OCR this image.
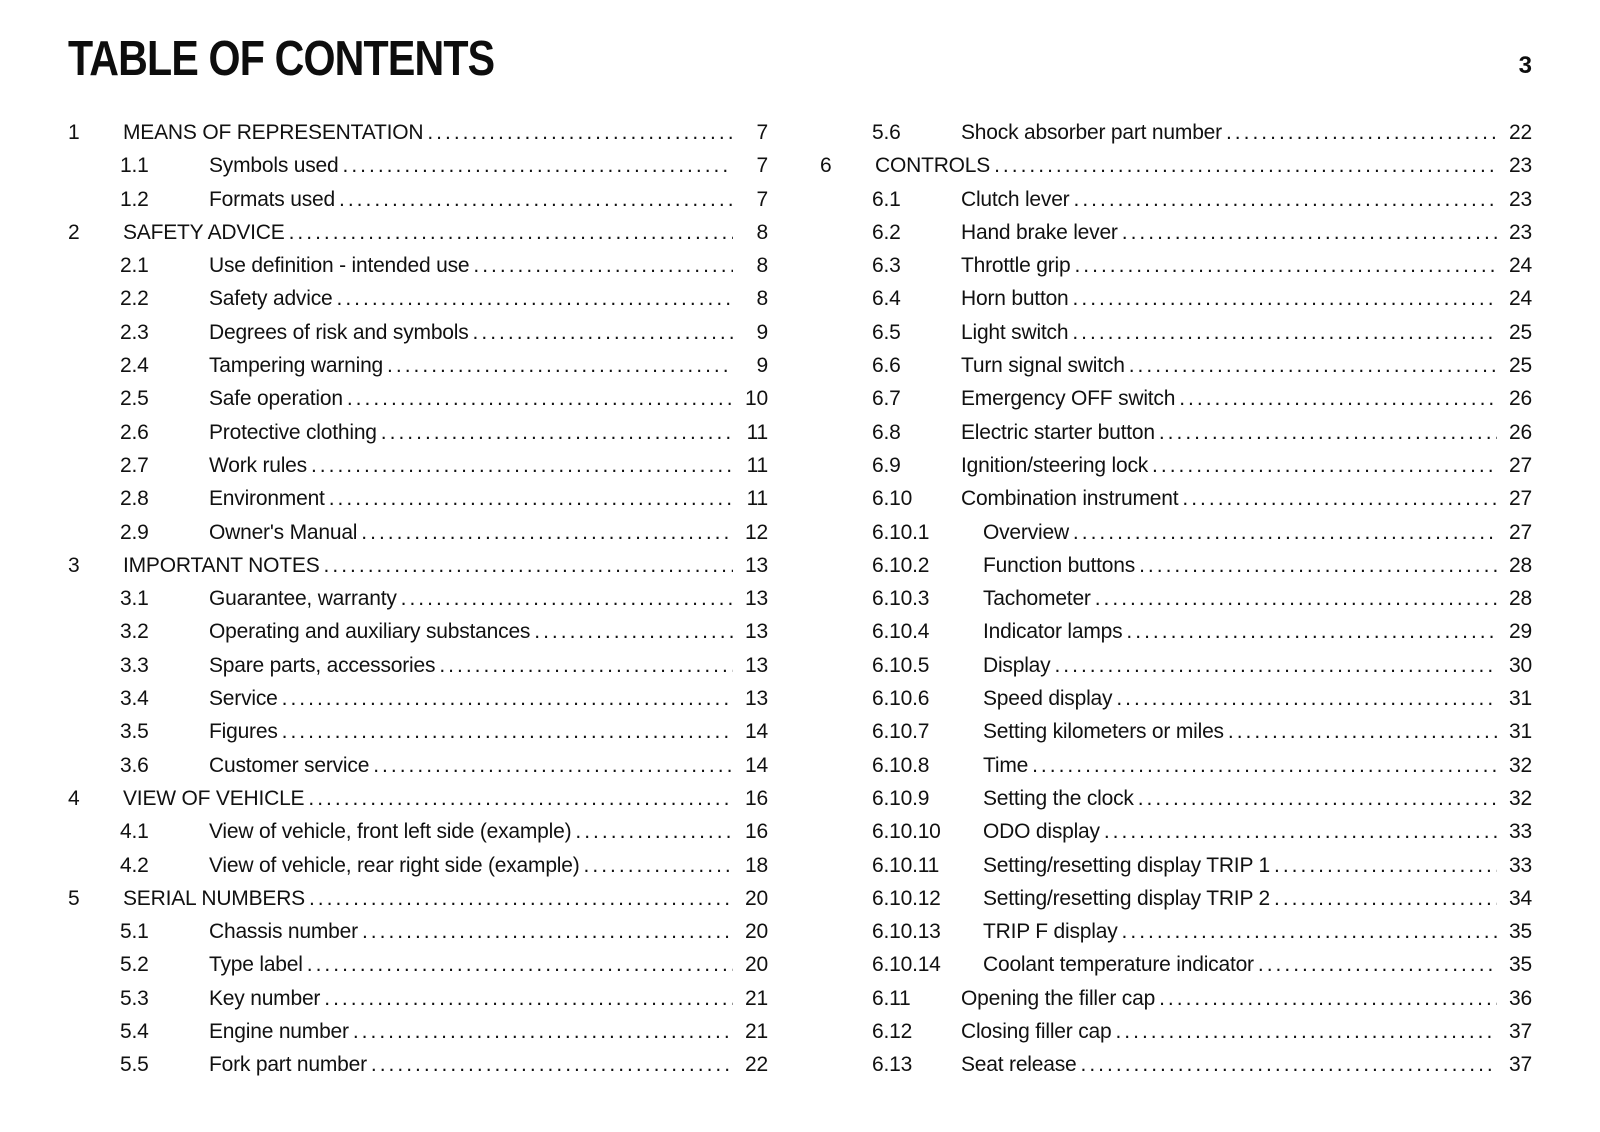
TABLE OF CONTENTS	3
1	MEANS OF REPRESENTATION .....	7
1.1	Symbols used .....	7
1.2	Formats used .....	7
2	SAFETY ADVICE .....	8
2.1	Use definition - intended use .....	8
2.2	Safety advice .....	8
2.3	Degrees of risk and symbols .....	9
2.4	Tampering warning .....	9
2.5	Safe operation .....	10
2.6	Protective clothing .....	11
2.7	Work rules .....	11
2.8	Environment .....	11
2.9	Owner's Manual .....	12
3	IMPORTANT NOTES .....	13
3.1	Guarantee, warranty .....	13
3.2	Operating and auxiliary substances .....	13
3.3	Spare parts, accessories .....	13
3.4	Service .....	13
3.5	Figures .....	14
3.6	Customer service .....	14
4	VIEW OF VEHICLE .....	16
4.1	View of vehicle, front left side (example) .....	16
4.2	View of vehicle, rear right side (example) .....	18
5	SERIAL NUMBERS .....	20
5.1	Chassis number .....	20
5.2	Type label .....	20
5.3	Key number .....	21
5.4	Engine number .....	21
5.5	Fork part number .....	22
5.6	Shock absorber part number .....	22
6	CONTROLS .....	23
6.1	Clutch lever .....	23
6.2	Hand brake lever .....	23
6.3	Throttle grip .....	24
6.4	Horn button .....	24
6.5	Light switch .....	25
6.6	Turn signal switch .....	25
6.7	Emergency OFF switch .....	26
6.8	Electric starter button .....	26
6.9	Ignition/steering lock .....	27
6.10	Combination instrument .....	27
6.10.1	Overview .....	27
6.10.2	Function buttons .....	28
6.10.3	Tachometer .....	28
6.10.4	Indicator lamps .....	29
6.10.5	Display .....	30
6.10.6	Speed display .....	31
6.10.7	Setting kilometers or miles .....	31
6.10.8	Time .....	32
6.10.9	Setting the clock .....	32
6.10.10	ODO display .....	33
6.10.11	Setting/resetting display TRIP 1 .....	33
6.10.12	Setting/resetting display TRIP 2 .....	34
6.10.13	TRIP F display .....	35
6.10.14	Coolant temperature indicator .....	35
6.11	Opening the filler cap .....	36
6.12	Closing filler cap .....	37
6.13	Seat release .....	37
